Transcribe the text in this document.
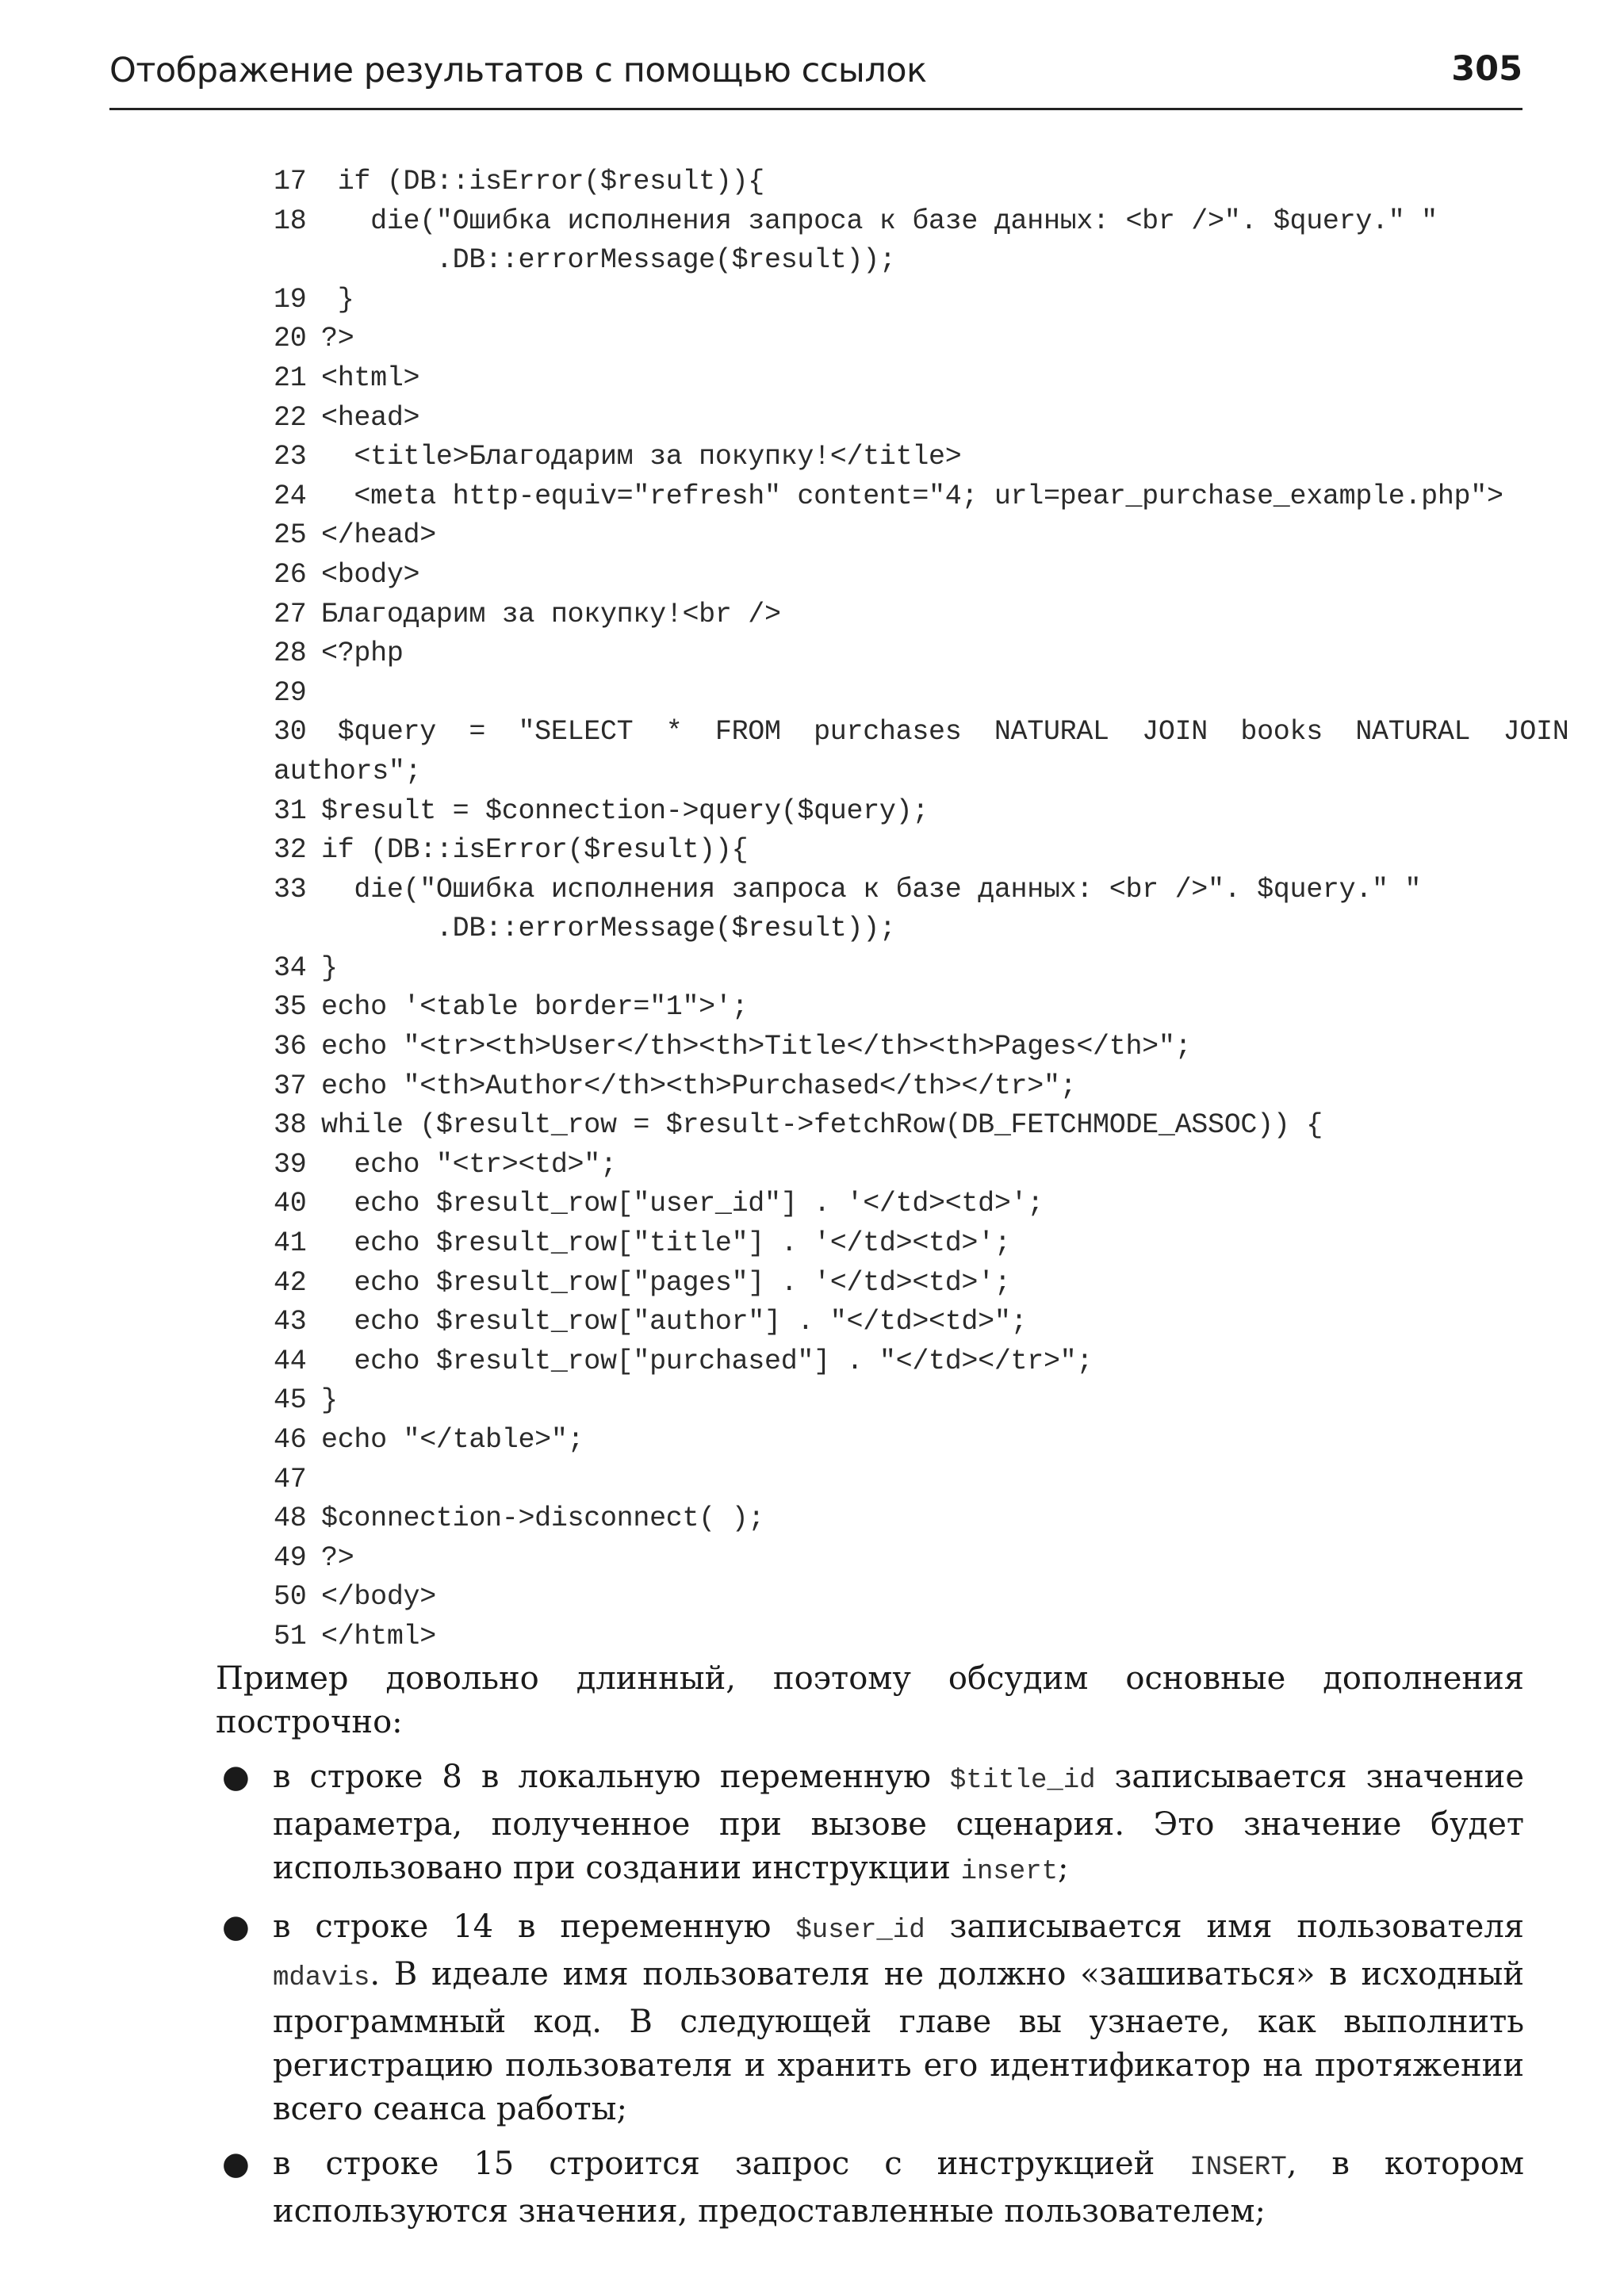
Отображение результатов с помощью ссылок	305
17 if (DB::isError($result)){
18   die("Ошибка исполнения запроса к базе данных: <br />". $query." "
.DB::errorMessage($result));
19 }
20 ?>
21 <html>
22 <head>
23  <title>Благодарим за покупку!</title>
24  <meta http-equiv="refresh" content="4; url=pear_purchase_example.php">
25 </head>
26 <body>
27 Благодарим за покупку!<br />
28 <?php
29
30 $query  =  "SELECT  *  FROM  purchases  NATURAL  JOIN  books  NATURAL  JOIN
authors";
31 $result = $connection->query($query);
32 if (DB::isError($result)){
33  die("Ошибка исполнения запроса к базе данных: <br />". $query." "
.DB::errorMessage($result));
34 }
35 echo '<table border="1">';
36 echo "<tr><th>User</th><th>Title</th><th>Pages</th>";
37 echo "<th>Author</th><th>Purchased</th></tr>";
38 while ($result_row = $result->fetchRow(DB_FETCHMODE_ASSOC)) {
39  echo "<tr><td>";
40  echo $result_row["user_id"] . '</td><td>';
41  echo $result_row["title"] . '</td><td>';
42  echo $result_row["pages"] . '</td><td>';
43  echo $result_row["author"] . "</td><td>";
44  echo $result_row["purchased"] . "</td></tr>";
45 }
46 echo "</table>";
47
48 $connection->disconnect( );
49 ?>
50 </body>
51 </html>

Пример довольно длинный, поэтому обсудим основные дополнения построчно:

● в строке 8 в локальную переменную $title_id записывается значение параметра, полученное при вызове сценария. Это значение будет использовано при создании инструкции insert;
● в строке 14 в переменную $user_id записывается имя пользователя mdavis. В идеале имя пользователя не должно «зашиваться» в исходный программный код. В следующей главе вы узнаете, как выполнить регистрацию пользователя и хранить его идентификатор на протяжении всего сеанса работы;
● в строке 15 строится запрос с инструкцией INSERT, в котором используются значения, предоставленные пользователем;
